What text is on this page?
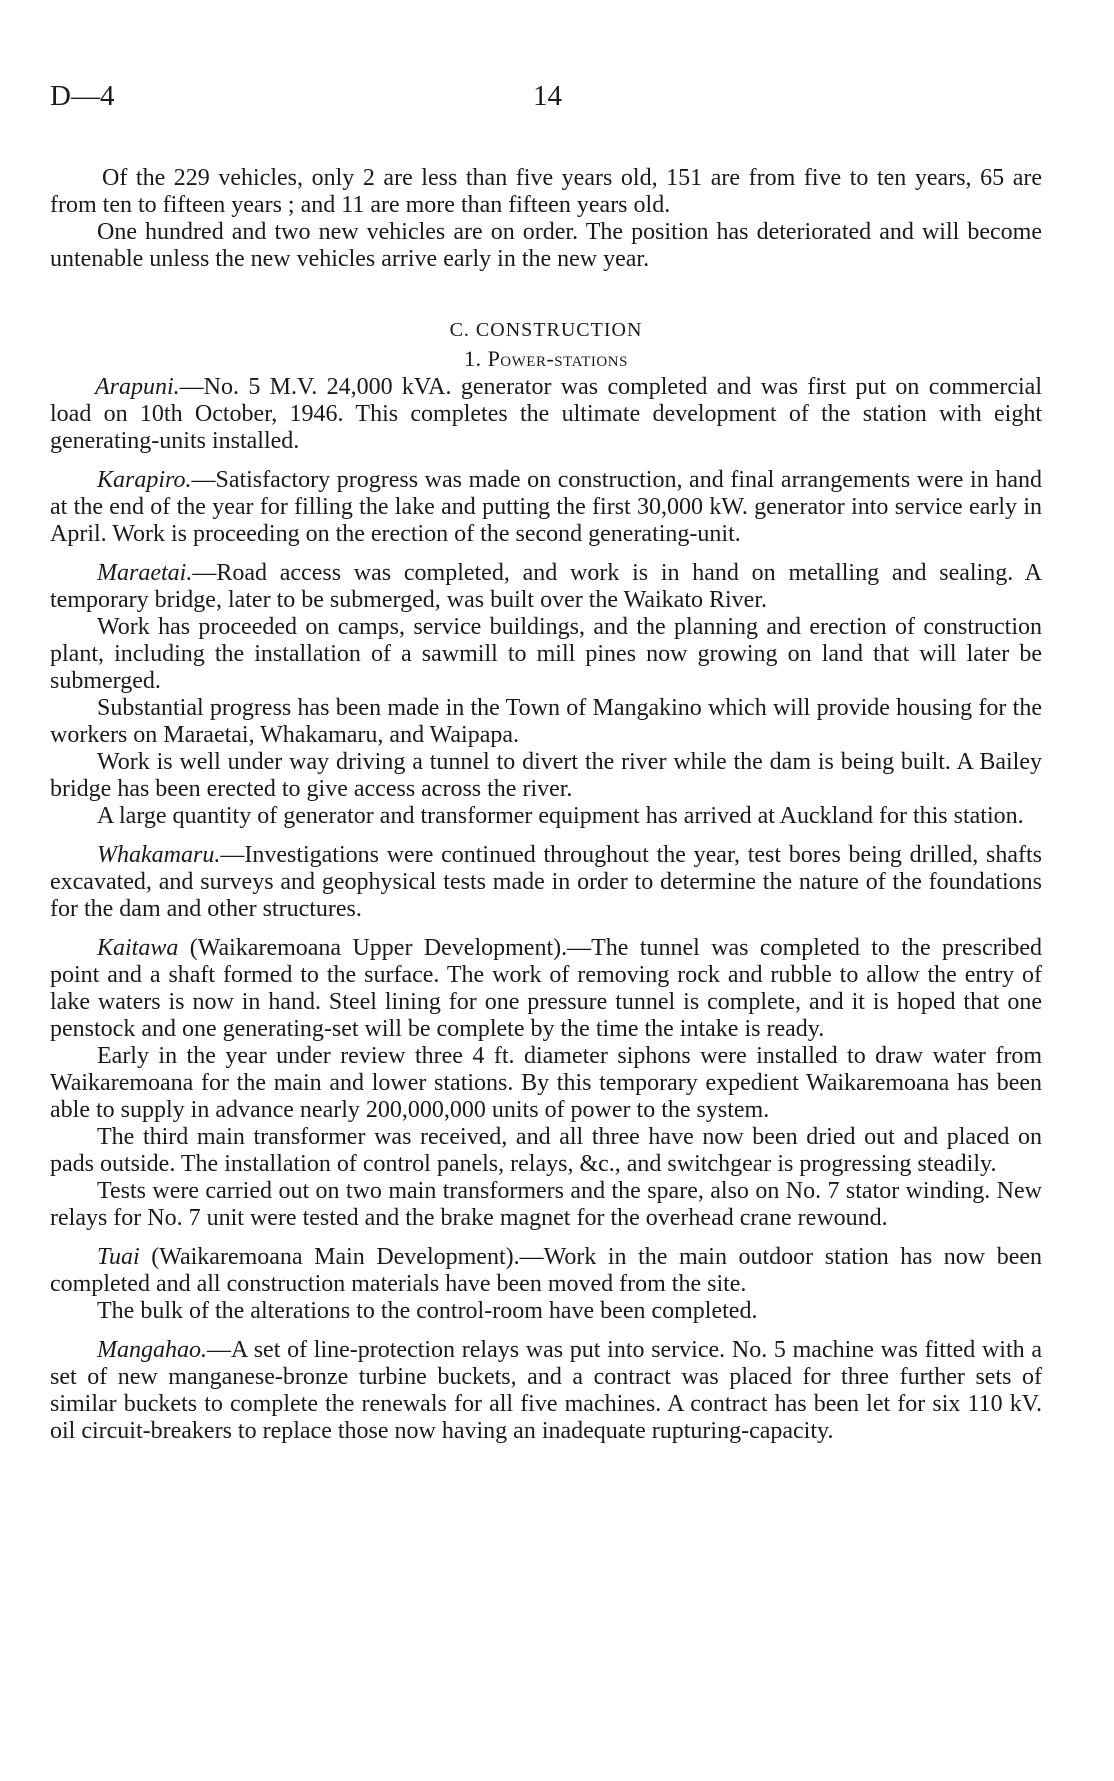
D—4	14

Of the 229 vehicles, only 2 are less than five years old, 151 are from five to ten years, 65 are from ten to fifteen years ; and 11 are more than fifteen years old.

One hundred and two new vehicles are on order. The position has deteriorated and will become untenable unless the new vehicles arrive early in the new year.

C. CONSTRUCTION
1. Power-stations

Arapuni.—No. 5 M.V. 24,000 kVA. generator was completed and was first put on commercial load on 10th October, 1946. This completes the ultimate development of the station with eight generating-units installed.

Karapiro.—Satisfactory progress was made on construction, and final arrangements were in hand at the end of the year for filling the lake and putting the first 30,000 kW. generator into service early in April. Work is proceeding on the erection of the second generating-unit.

Maraetai.—Road access was completed, and work is in hand on metalling and sealing. A temporary bridge, later to be submerged, was built over the Waikato River.

Work has proceeded on camps, service buildings, and the planning and erection of construction plant, including the installation of a sawmill to mill pines now growing on land that will later be submerged.

Substantial progress has been made in the Town of Mangakino which will provide housing for the workers on Maraetai, Whakamaru, and Waipapa.

Work is well under way driving a tunnel to divert the river while the dam is being built. A Bailey bridge has been erected to give access across the river.

A large quantity of generator and transformer equipment has arrived at Auckland for this station.

Whakamaru.—Investigations were continued throughout the year, test bores being drilled, shafts excavated, and surveys and geophysical tests made in order to determine the nature of the foundations for the dam and other structures.

Kaitawa (Waikaremoana Upper Development).—The tunnel was completed to the prescribed point and a shaft formed to the surface. The work of removing rock and rubble to allow the entry of lake waters is now in hand. Steel lining for one pressure tunnel is complete, and it is hoped that one penstock and one generating-set will be complete by the time the intake is ready.

Early in the year under review three 4 ft. diameter siphons were installed to draw water from Waikaremoana for the main and lower stations. By this temporary expedient Waikaremoana has been able to supply in advance nearly 200,000,000 units of power to the system.

The third main transformer was received, and all three have now been dried out and placed on pads outside. The installation of control panels, relays, &c., and switchgear is progressing steadily.

Tests were carried out on two main transformers and the spare, also on No. 7 stator winding. New relays for No. 7 unit were tested and the brake magnet for the overhead crane rewound.

Tuai (Waikaremoana Main Development).—Work in the main outdoor station has now been completed and all construction materials have been moved from the site.

The bulk of the alterations to the control-room have been completed.

Mangahao.—A set of line-protection relays was put into service. No. 5 machine was fitted with a set of new manganese-bronze turbine buckets, and a contract was placed for three further sets of similar buckets to complete the renewals for all five machines. A contract has been let for six 110 kV. oil circuit-breakers to replace those now having an inadequate rupturing-capacity.
